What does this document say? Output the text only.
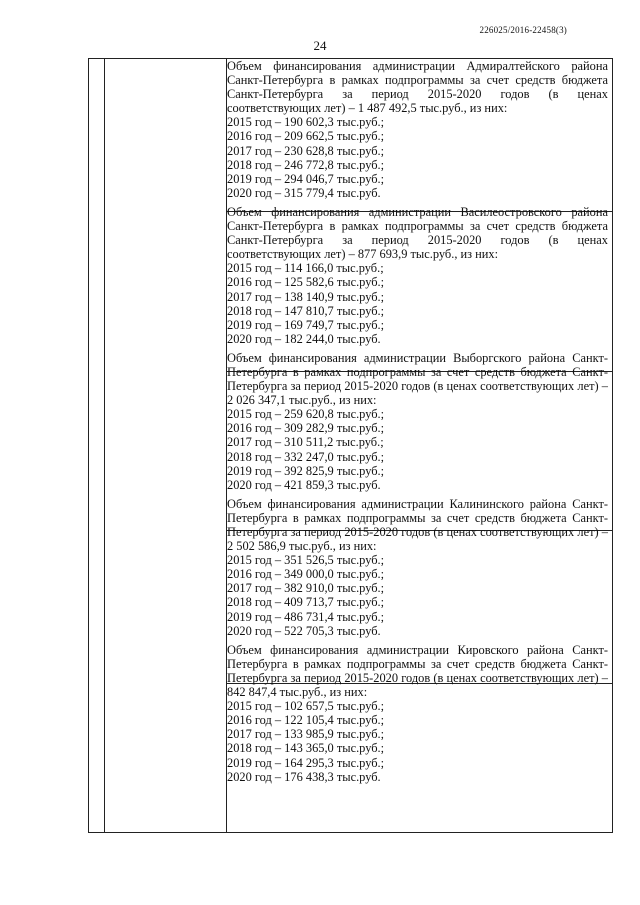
226025/2016-22458(3)
24
Объем финансирования администрации Адмиралтейского района Санкт-Петербурга в рамках подпрограммы за счет средств бюджета Санкт-Петербурга за период 2015-2020 годов (в ценах соответствующих лет) – 1 487 492,5 тыс.руб., из них:
2015 год – 190 602,3 тыс.руб.;
2016 год – 209 662,5 тыс.руб.;
2017 год – 230 628,8 тыс.руб.;
2018 год – 246 772,8 тыс.руб.;
2019 год – 294 046,7 тыс.руб.;
2020 год – 315 779,4 тыс.руб.
Объем финансирования администрации Василеостровского района Санкт-Петербурга в рамках подпрограммы за счет средств бюджета Санкт-Петербурга за период 2015-2020 годов (в ценах соответствующих лет) – 877 693,9 тыс.руб., из них:
2015 год – 114 166,0 тыс.руб.;
2016 год – 125 582,6 тыс.руб.;
2017 год – 138 140,9 тыс.руб.;
2018 год – 147 810,7 тыс.руб.;
2019 год – 169 749,7 тыс.руб.;
2020 год – 182 244,0 тыс.руб.
Объем финансирования администрации Выборгского района Санкт-Петербурга в рамках подпрограммы за счет средств бюджета Санкт-Петербурга за период 2015-2020 годов (в ценах соответствующих лет) – 2 026 347,1 тыс.руб., из них:
2015 год – 259 620,8 тыс.руб.;
2016 год – 309 282,9 тыс.руб.;
2017 год – 310 511,2 тыс.руб.;
2018 год – 332 247,0 тыс.руб.;
2019 год – 392 825,9 тыс.руб.;
2020 год – 421 859,3 тыс.руб.
Объем финансирования администрации Калининского района Санкт-Петербурга в рамках подпрограммы за счет средств бюджета Санкт-Петербурга за период 2015-2020 годов (в ценах соответствующих лет) – 2 502 586,9 тыс.руб., из них:
2015 год – 351 526,5 тыс.руб.;
2016 год – 349 000,0 тыс.руб.;
2017 год – 382 910,0 тыс.руб.;
2018 год – 409 713,7 тыс.руб.;
2019 год – 486 731,4 тыс.руб.;
2020 год – 522 705,3 тыс.руб.
Объем финансирования администрации Кировского района Санкт-Петербурга в рамках подпрограммы за счет средств бюджета Санкт-Петербурга за период 2015-2020 годов (в ценах соответствующих лет) – 842 847,4 тыс.руб., из них:
2015 год – 102 657,5 тыс.руб.;
2016 год – 122 105,4 тыс.руб.;
2017 год – 133 985,9 тыс.руб.;
2018 год – 143 365,0 тыс.руб.;
2019 год – 164 295,3 тыс.руб.;
2020 год – 176 438,3 тыс.руб.
